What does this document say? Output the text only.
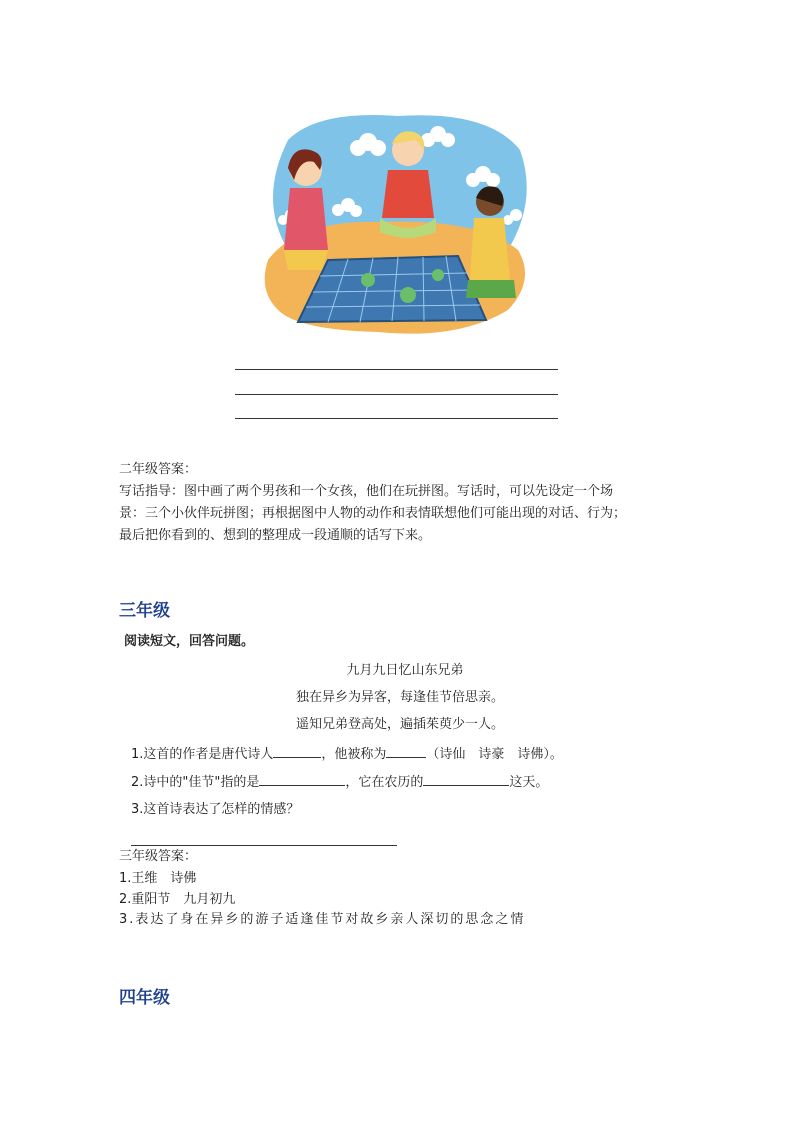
二年级答案：
写话指导：图中画了两个男孩和一个女孩，他们在玩拼图。写话时，可以先设定一个场
景：三个小伙伴玩拼图；再根据图中人物的动作和表情联想他们可能出现的对话、行为；
最后把你看到的、想到的整理成一段通顺的话写下来。
三年级
阅读短文，回答问题。
九月九日忆山东兄弟
独在异乡为异客，每逢佳节倍思亲。
遥知兄弟登高处，遍插茱萸少一人。
1.这首的作者是唐代诗人	，他被称为	（诗仙　诗豪　诗佛）。
2.诗中的"佳节"指的是	，它在农历的	这天。
3.这首诗表达了怎样的情感？
三年级答案：
1.王维　诗佛
2.重阳节　九月初九
3.表达了身在异乡的游子适逢佳节对故乡亲人深切的思念之情
四年级
